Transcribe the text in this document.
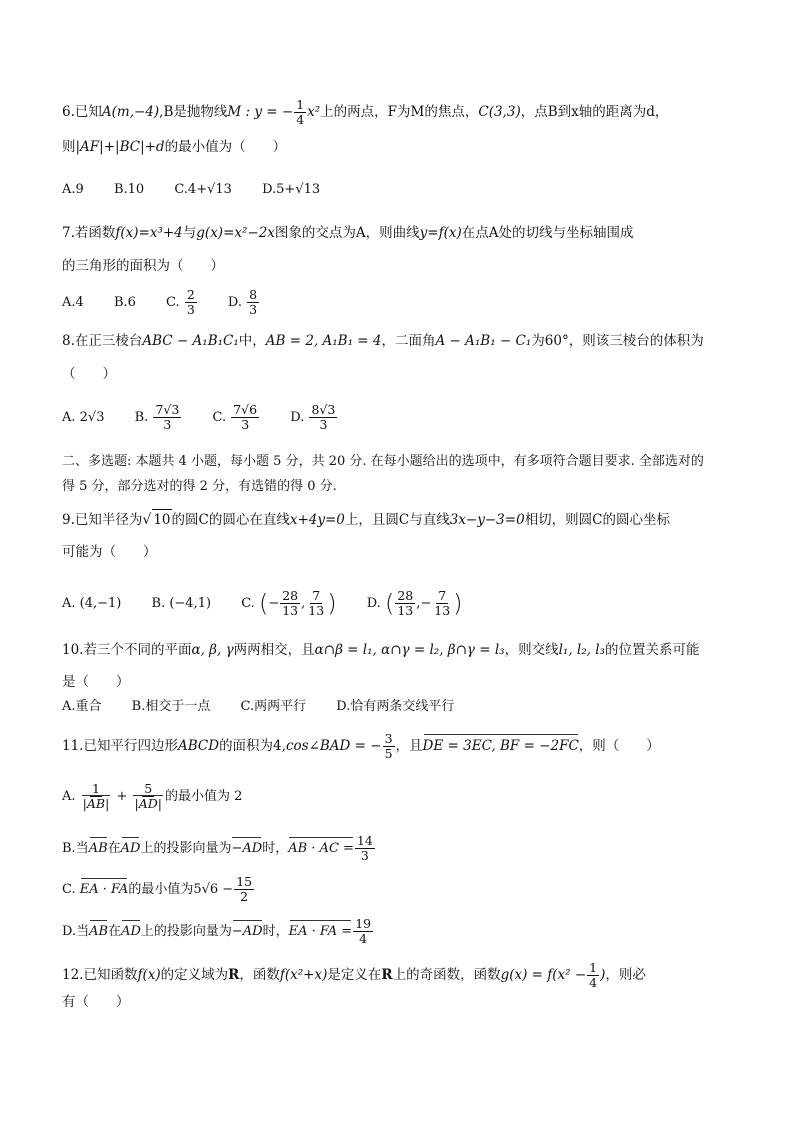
6.已知A(m,−4),B是抛物线M : y = − $\frac{1}{4} x^2$上的两点，F为M的焦点，C(3,3)，点B到x轴的距离为d，
则|AF|+|BC|+d的最小值为（　　）
A.9 B.10 C.4+√13 D.5+√13
7.若函数f(x)=x³+4与g(x)=x²−2x图象的交点为A，则曲线y=f(x)在点A处的切线与坐标轴围成
的三角形的面积为（　　）
A.4 B.6 C. $\frac{2}{3} D$. $\frac{8}{3}$
8.在正三棱台ABC − A₁B₁C₁中，AB = 2, A₁B₁ = 4，二面角A − A₁B₁ − C₁为60°，则该三棱台的体积为
（　　）
A. 2√3 B. $\frac{7√3}{3} C$. $\frac{7√6}{3} D$. $\frac{8√3}{3}$
二、多选题: 本题共 4 小题，每小题 5 分，共 20 分. 在每小题给出的选项中，有多项符合题目要求. 全部选对的
得 5 分，部分选对的得 2 分，有选错的得 0 分.
9.已知半径为√ 10的圆C的圆心在直线x+4y=0上，且圆C与直线3x−y−3=0相切，则圆C的圆心坐标
可能为（　　）
A. (4,−1) B. (−4,1) C. (− $\frac{28}{13}$ , $\frac{7}{13}$ ) D. ( $\frac{28}{13}$ ,− $\frac{7}{13}$ )
10.若三个不同的平面α, β, γ两两相交，且α∩β = l₁, α∩γ = l₂, β∩γ = l₃，则交线l₁, l₂, l₃的位置关系可能
是（　　）
A.重合 B.相交于一点 C.两两平行 D.恰有两条交线平行
11.已知平行四边形ABCD的面积为4,cos∠BAD = − $\frac{3}{5}$ ，且DE = 3EC, BF = −2FC，则（　　）
A. $\frac{1}{|AB|} + \frac{5}{|AD|}$ 的最小值为 2
B.当AB在AD上的投影向量为−AD时，AB · AC = $\frac{14}{3}$
C. EA · FA的最小值为$5√6 - \frac{15}{2}$
D.当AB在AD上的投影向量为−AD时，EA · FA = $\frac{19}{4}$
12.已知函数f(x)的定义域为R，函数f(x²+x)是定义在R上的奇函数，函数$g(x) = f(x^2 - \frac{1}{4}$ )，则必
有（　　）
